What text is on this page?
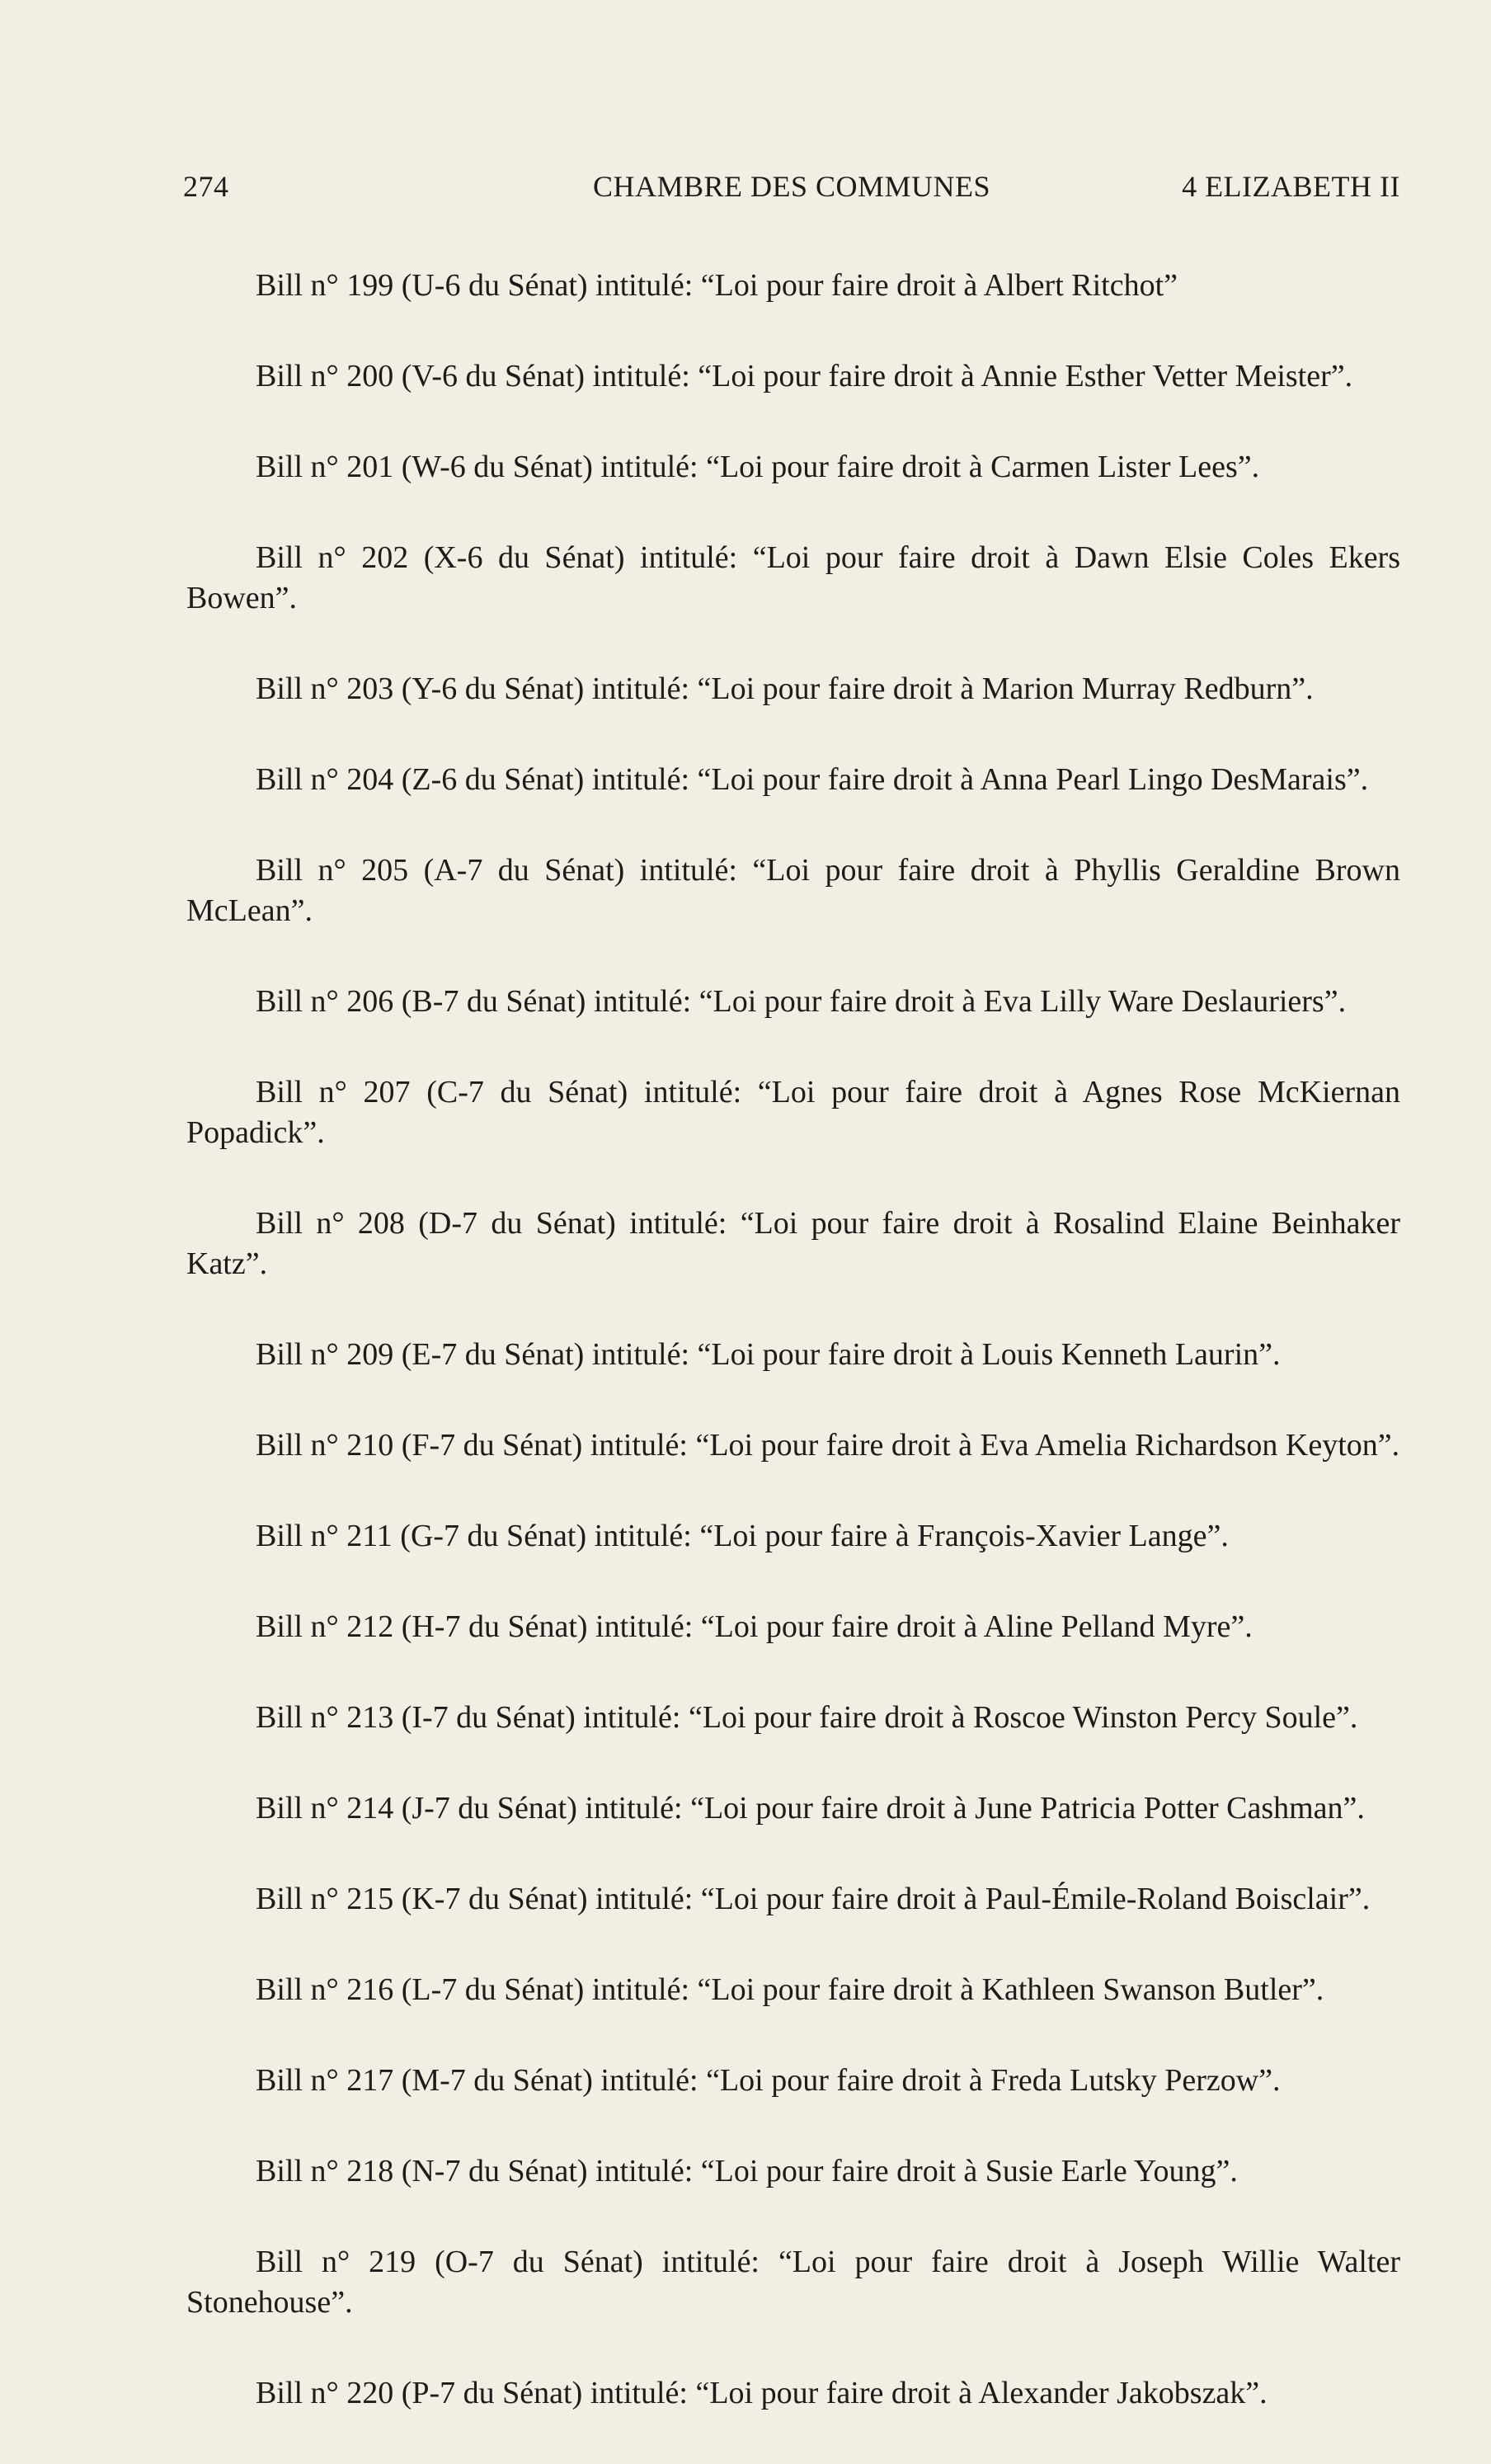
274	CHAMBRE DES COMMUNES	4 ELIZABETH II

Bill n° 199 (U-6 du Sénat) intitulé: “Loi pour faire droit à Albert Ritchot”

Bill n° 200 (V-6 du Sénat) intitulé: “Loi pour faire droit à Annie Esther Vetter Meister”.

Bill n° 201 (W-6 du Sénat) intitulé: “Loi pour faire droit à Carmen Lister Lees”.

Bill n° 202 (X-6 du Sénat) intitulé: “Loi pour faire droit à Dawn Elsie Coles Ekers Bowen”.

Bill n° 203 (Y-6 du Sénat) intitulé: “Loi pour faire droit à Marion Murray Redburn”.

Bill n° 204 (Z-6 du Sénat) intitulé: “Loi pour faire droit à Anna Pearl Lingo DesMarais”.

Bill n° 205 (A-7 du Sénat) intitulé: “Loi pour faire droit à Phyllis Geraldine Brown McLean”.

Bill n° 206 (B-7 du Sénat) intitulé: “Loi pour faire droit à Eva Lilly Ware Deslauriers”.

Bill n° 207 (C-7 du Sénat) intitulé: “Loi pour faire droit à Agnes Rose McKiernan Popadick”.

Bill n° 208 (D-7 du Sénat) intitulé: “Loi pour faire droit à Rosalind Elaine Beinhaker Katz”.

Bill n° 209 (E-7 du Sénat) intitulé: “Loi pour faire droit à Louis Kenneth Laurin”.

Bill n° 210 (F-7 du Sénat) intitulé: “Loi pour faire droit à Eva Amelia Richardson Keyton”.

Bill n° 211 (G-7 du Sénat) intitulé: “Loi pour faire à François-Xavier Lange”.

Bill n° 212 (H-7 du Sénat) intitulé: “Loi pour faire droit à Aline Pelland Myre”.

Bill n° 213 (I-7 du Sénat) intitulé: “Loi pour faire droit à Roscoe Winston Percy Soule”.

Bill n° 214 (J-7 du Sénat) intitulé: “Loi pour faire droit à June Patricia Potter Cashman”.

Bill n° 215 (K-7 du Sénat) intitulé: “Loi pour faire droit à Paul-Émile-Roland Boisclair”.

Bill n° 216 (L-7 du Sénat) intitulé: “Loi pour faire droit à Kathleen Swanson Butler”.

Bill n° 217 (M-7 du Sénat) intitulé: “Loi pour faire droit à Freda Lutsky Perzow”.

Bill n° 218 (N-7 du Sénat) intitulé: “Loi pour faire droit à Susie Earle Young”.

Bill n° 219 (O-7 du Sénat) intitulé: “Loi pour faire droit à Joseph Willie Walter Stonehouse”.

Bill n° 220 (P-7 du Sénat) intitulé: “Loi pour faire droit à Alexander Jakobszak”.
